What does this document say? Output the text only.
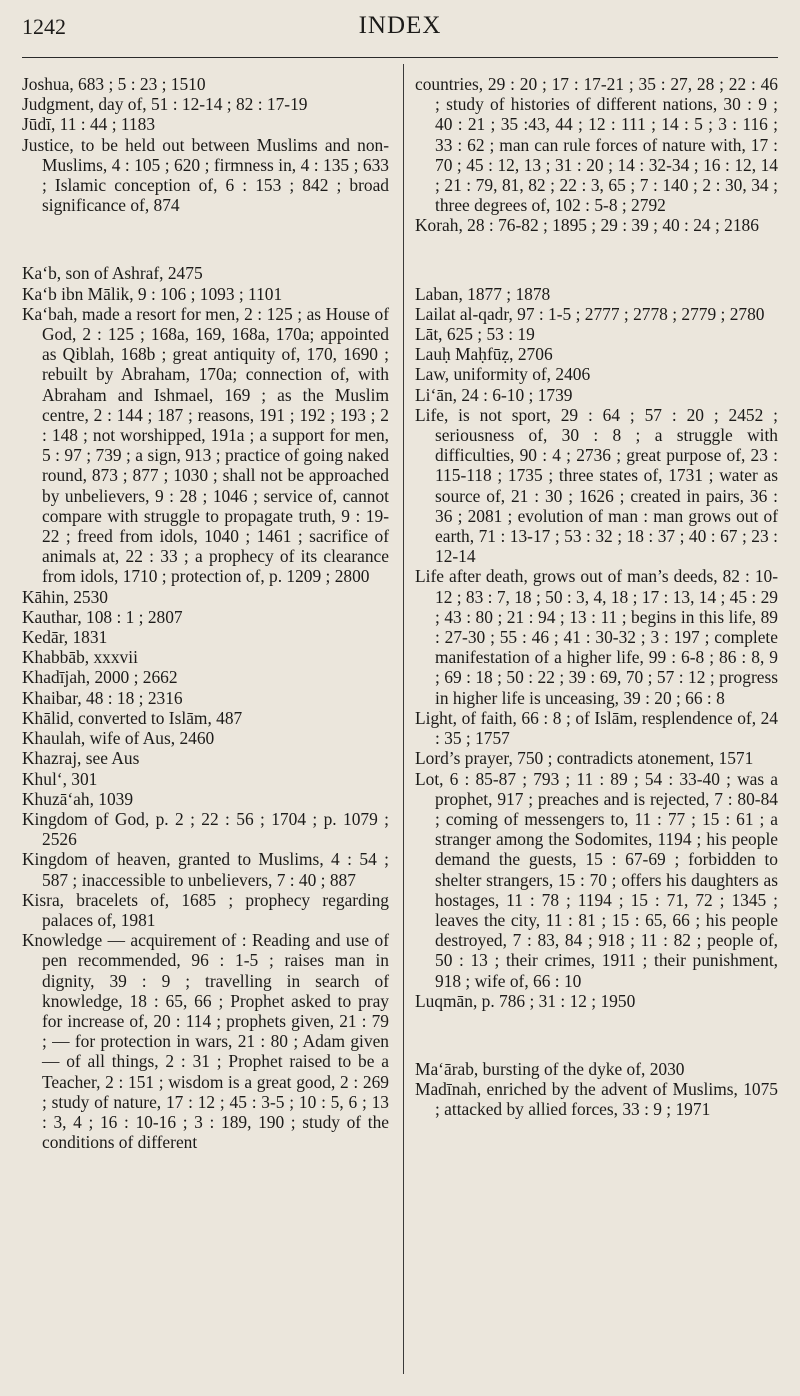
1242	INDEX

Joshua, 683 ; 5 : 23 ; 1510

Judgment, day of, 51 : 12-14 ; 82 : 17-19

Jūdī, 11 : 44 ; 1183

Justice, to be held out between Muslims and non-Muslims, 4 : 105 ; 620 ; firmness in, 4 : 135 ; 633 ; Islamic conception of, 6 : 153 ; 842 ; broad significance of, 874

Ka‘b, son of Ashraf, 2475

Ka‘b ibn Mālik, 9 : 106 ; 1093 ; 1101

Ka‘bah, made a resort for men, 2 : 125 ; as House of God, 2 : 125 ; 168a, 169, 168a, 170a; appointed as Qiblah, 168b ; great antiquity of, 170, 1690 ; rebuilt by Abraham, 170a; connection of, with Abraham and Ishmael, 169 ; as the Muslim centre, 2 : 144 ; 187 ; reasons, 191 ; 192 ; 193 ; 2 : 148 ; not worshipped, 191a ; a support for men, 5 : 97 ; 739 ; a sign, 913 ; practice of going naked round, 873 ; 877 ; 1030 ; shall not be approached by unbelievers, 9 : 28 ; 1046 ; service of, cannot compare with struggle to propagate truth, 9 : 19-22 ; freed from idols, 1040 ; 1461 ; sacrifice of animals at, 22 : 33 ; a prophecy of its clearance from idols, 1710 ; protection of, p. 1209 ; 2800

Kāhin, 2530

Kauthar, 108 : 1 ; 2807

Kedār, 1831

Khabbāb, xxxvii

Khadījah, 2000 ; 2662

Khaibar, 48 : 18 ; 2316

Khālid, converted to Islām, 487

Khaulah, wife of Aus, 2460

Khazraj, see Aus

Khul‘, 301

Khuzā‘ah, 1039

Kingdom of God, p. 2 ; 22 : 56 ; 1704 ; p. 1079 ; 2526

Kingdom of heaven, granted to Muslims, 4 : 54 ; 587 ; inaccessible to unbelievers, 7 : 40 ; 887

Kisra, bracelets of, 1685 ; prophecy regarding palaces of, 1981

Knowledge — acquirement of : Reading and use of pen recommended, 96 : 1-5 ; raises man in dignity, 39 : 9 ; travelling in search of knowledge, 18 : 65, 66 ; Prophet asked to pray for increase of, 20 : 114 ; prophets given, 21 : 79 ; — for protection in wars, 21 : 80 ; Adam given — of all things, 2 : 31 ; Prophet raised to be a Teacher, 2 : 151 ; wisdom is a great good, 2 : 269 ; study of nature, 17 : 12 ; 45 : 3-5 ; 10 : 5, 6 ; 13 : 3, 4 ; 16 : 10-16 ; 3 : 189, 190 ; study of the conditions of different

countries, 29 : 20 ; 17 : 17-21 ; 35 : 27, 28 ; 22 : 46 ; study of histories of different nations, 30 : 9 ; 40 : 21 ; 35 :43, 44 ; 12 : 111 ; 14 : 5 ; 3 : 116 ; 33 : 62 ; man can rule forces of nature with, 17 : 70 ; 45 : 12, 13 ; 31 : 20 ; 14 : 32-34 ; 16 : 12, 14 ; 21 : 79, 81, 82 ; 22 : 3, 65 ; 7 : 140 ; 2 : 30, 34 ; three degrees of, 102 : 5-8 ; 2792

Korah, 28 : 76-82 ; 1895 ; 29 : 39 ; 40 : 24 ; 2186

Laban, 1877 ; 1878

Lailat al-qadr, 97 : 1-5 ; 2777 ; 2778 ; 2779 ; 2780

Lāt, 625 ; 53 : 19

Lauḥ Maḥfūẓ, 2706

Law, uniformity of, 2406

Li‘ān, 24 : 6-10 ; 1739

Life, is not sport, 29 : 64 ; 57 : 20 ; 2452 ; seriousness of, 30 : 8 ; a struggle with difficulties, 90 : 4 ; 2736 ; great purpose of, 23 : 115-118 ; 1735 ; three states of, 1731 ; water as source of, 21 : 30 ; 1626 ; created in pairs, 36 : 36 ; 2081 ; evolution of man : man grows out of earth, 71 : 13-17 ; 53 : 32 ; 18 : 37 ; 40 : 67 ; 23 : 12-14

Life after death, grows out of man’s deeds, 82 : 10-12 ; 83 : 7, 18 ; 50 : 3, 4, 18 ; 17 : 13, 14 ; 45 : 29 ; 43 : 80 ; 21 : 94 ; 13 : 11 ; begins in this life, 89 : 27-30 ; 55 : 46 ; 41 : 30-32 ; 3 : 197 ; complete manifestation of a higher life, 99 : 6-8 ; 86 : 8, 9 ; 69 : 18 ; 50 : 22 ; 39 : 69, 70 ; 57 : 12 ; progress in higher life is unceasing, 39 : 20 ; 66 : 8

Light, of faith, 66 : 8 ; of Islām, resplendence of, 24 : 35 ; 1757

Lord’s prayer, 750 ; contradicts atonement, 1571

Lot, 6 : 85-87 ; 793 ; 11 : 89 ; 54 : 33-40 ; was a prophet, 917 ; preaches and is rejected, 7 : 80-84 ; coming of messengers to, 11 : 77 ; 15 : 61 ; a stranger among the Sodomites, 1194 ; his people demand the guests, 15 : 67-69 ; forbidden to shelter strangers, 15 : 70 ; offers his daughters as hostages, 11 : 78 ; 1194 ; 15 : 71, 72 ; 1345 ; leaves the city, 11 : 81 ; 15 : 65, 66 ; his people destroyed, 7 : 83, 84 ; 918 ; 11 : 82 ; people of, 50 : 13 ; their crimes, 1911 ; their punishment, 918 ; wife of, 66 : 10

Luqmān, p. 786 ; 31 : 12 ; 1950

Ma‘ārab, bursting of the dyke of, 2030

Madīnah, enriched by the advent of Muslims, 1075 ; attacked by allied forces, 33 : 9 ; 1971
